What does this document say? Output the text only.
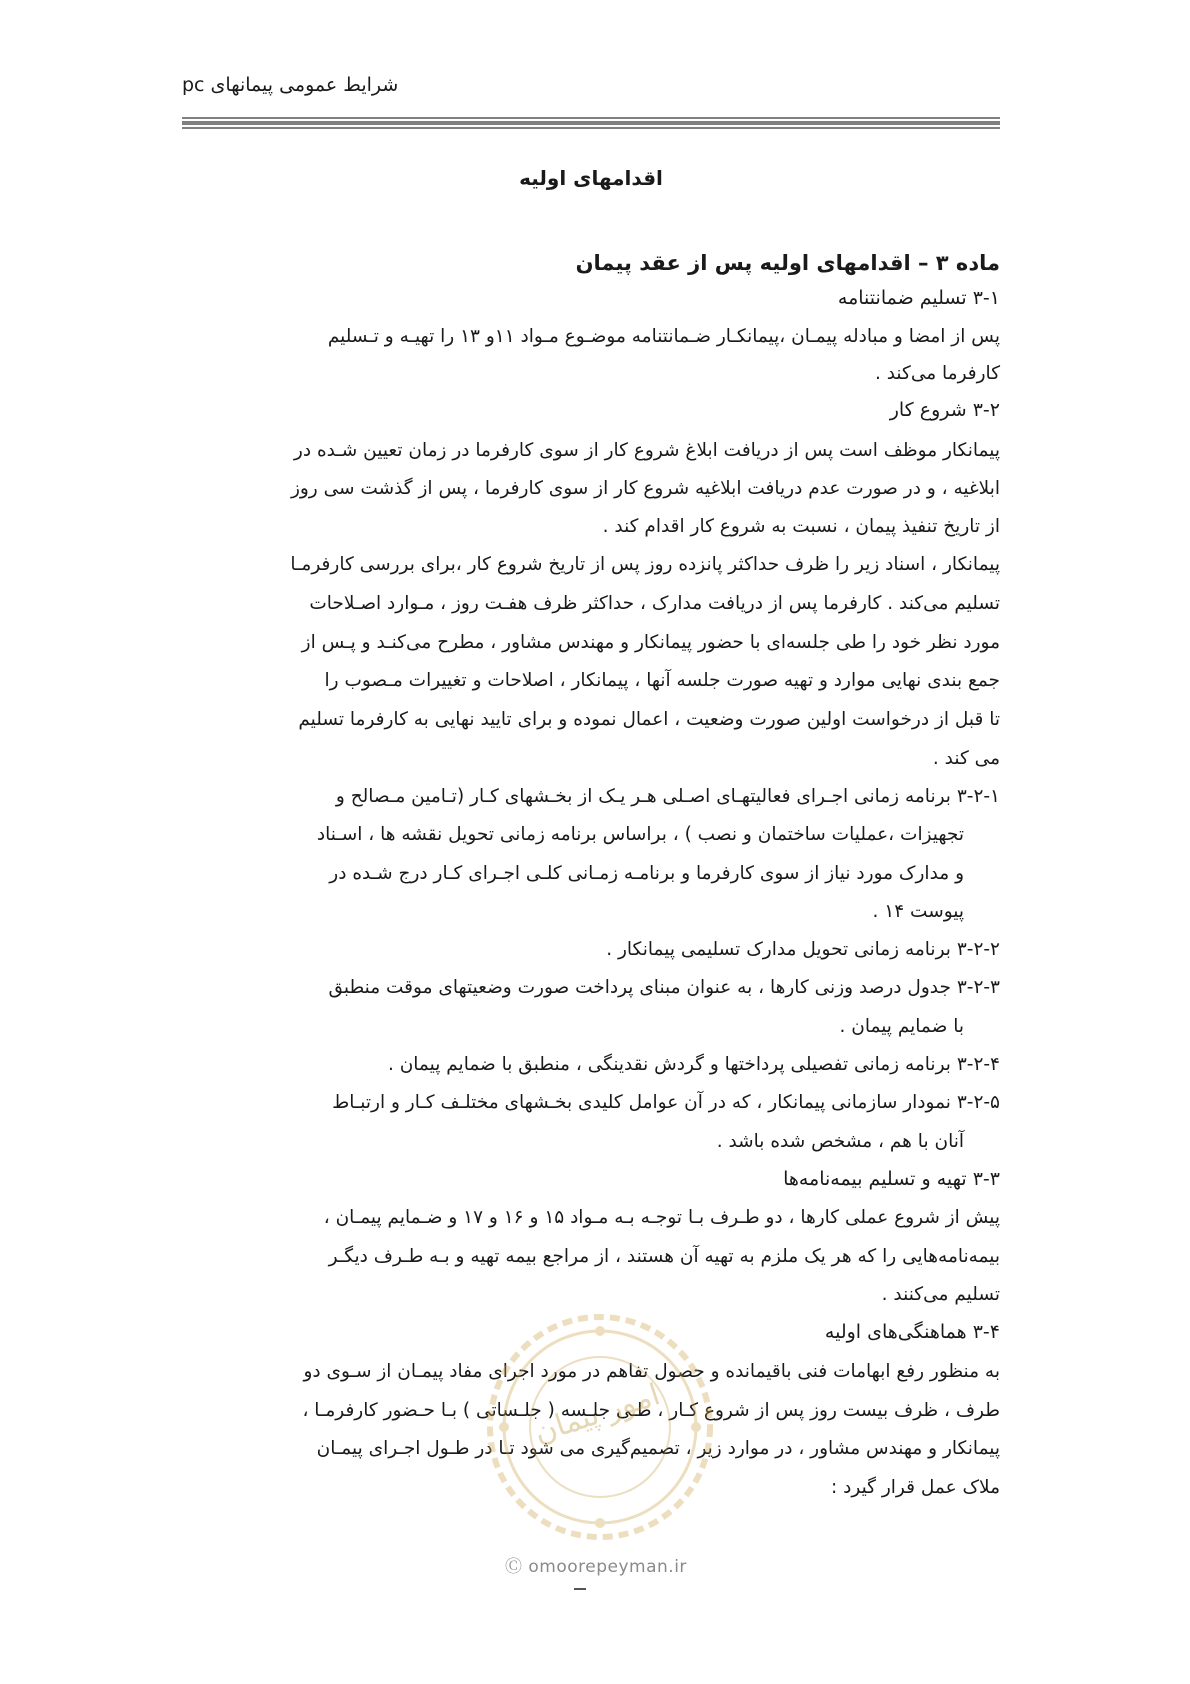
شرایط عمومی پیمانهای pc
اقدامهای اولیه
ماده ۳ – اقدامهای اولیه پس از عقد پیمان
۳-۱ تسلیم ضمانتنامه
پس از امضا و مبادله پیمـان ،پیمانکـار ضـمانتنامه موضـوع مـواد ۱۱و ۱۳ را تهیـه و تـسلیم
کارفرما می‌کند .
۳-۲ شروع کار
پیمانکار موظف است پس از دریافت ابلاغ شروع کار از سوی کارفرما در زمان تعیین شـده در
ابلاغیه ، و در صورت عدم دریافت ابلاغیه شروع کار از سوی کارفرما ، پس از گذشت سی روز
از تاریخ تنفیذ پیمان ، نسبت به شروع کار اقدام کند .
پیمانکار ، اسناد زیر را ظرف حداکثر پانزده روز پس از تاریخ شروع کار ،برای بررسی کارفرمـا
تسلیم می‌کند . کارفرما پس از دریافت مدارک ، حداکثر ظرف هفـت روز ، مـوارد اصـلاحات
مورد نظر خود را طی جلسه‌ای با حضور پیمانکار و مهندس مشاور ، مطرح می‌کنـد و پـس از
جمع بندی نهایی موارد و تهیه صورت جلسه آنها ، پیمانکار ، اصلاحات و تغییرات مـصوب را
تا قبل از درخواست اولین صورت وضعیت ، اعمال نموده و برای تایید نهایی به کارفرما تسلیم
می کند .
۳-۲-۱ برنامه زمانی اجـرای فعالیتهـای اصـلی هـر یـک از بخـشهای کـار (تـامین مـصالح و
تجهیزات ،عملیات ساختمان و نصب ) ، براساس برنامه زمانی تحویل نقشه ها ، اسـناد
و مدارک مورد نیاز از سوی کارفرما و برنامـه زمـانی کلـی اجـرای کـار درج شـده در
پیوست ۱۴ .
۳-۲-۲ برنامه زمانی تحویل مدارک تسلیمی پیمانکار .
۳-۲-۳ جدول درصد وزنی کارها ، به عنوان مبنای پرداخت صورت وضعیتهای موقت منطبق
با ضمایم پیمان .
۳-۲-۴ برنامه زمانی تفصیلی پرداختها و گردش نقدینگی ، منطبق با ضمایم پیمان .
۳-۲-۵ نمودار سازمانی پیمانکار ، که در آن عوامل کلیدی بخـشهای مختلـف کـار و ارتبـاط
آنان با هم ، مشخص شده باشد .
۳-۳ تهیه و تسلیم بیمه‌نامه‌ها
پیش از شروع عملی کارها ، دو طـرف بـا توجـه بـه مـواد ۱۵ و ۱۶ و ۱۷ و ضـمایم پیمـان ،
بیمه‌نامه‌هایی را که هر یک ملزم به تهیه آن هستند ، از مراجع بیمه تهیه و بـه طـرف دیگـر
تسلیم می‌کنند .
۳-۴ هماهنگی‌های اولیه
به منظور رفع ابهامات فنی باقیمانده و حصول تفاهم در مورد اجرای مفاد پیمـان از سـوی دو
طرف ، ظرف بیست روز پس از شروع کـار ، طـی جلـسه ( جلـساتی ) بـا حـضور کارفرمـا ،
پیمانکار و مهندس مشاور ، در موارد زیر ، تصمیم‌گیری می شود تـا در طـول اجـرای پیمـان
ملاک عمل قرار گیرد :
امور پیمان
Ⓒ omoorepeyman.ir
